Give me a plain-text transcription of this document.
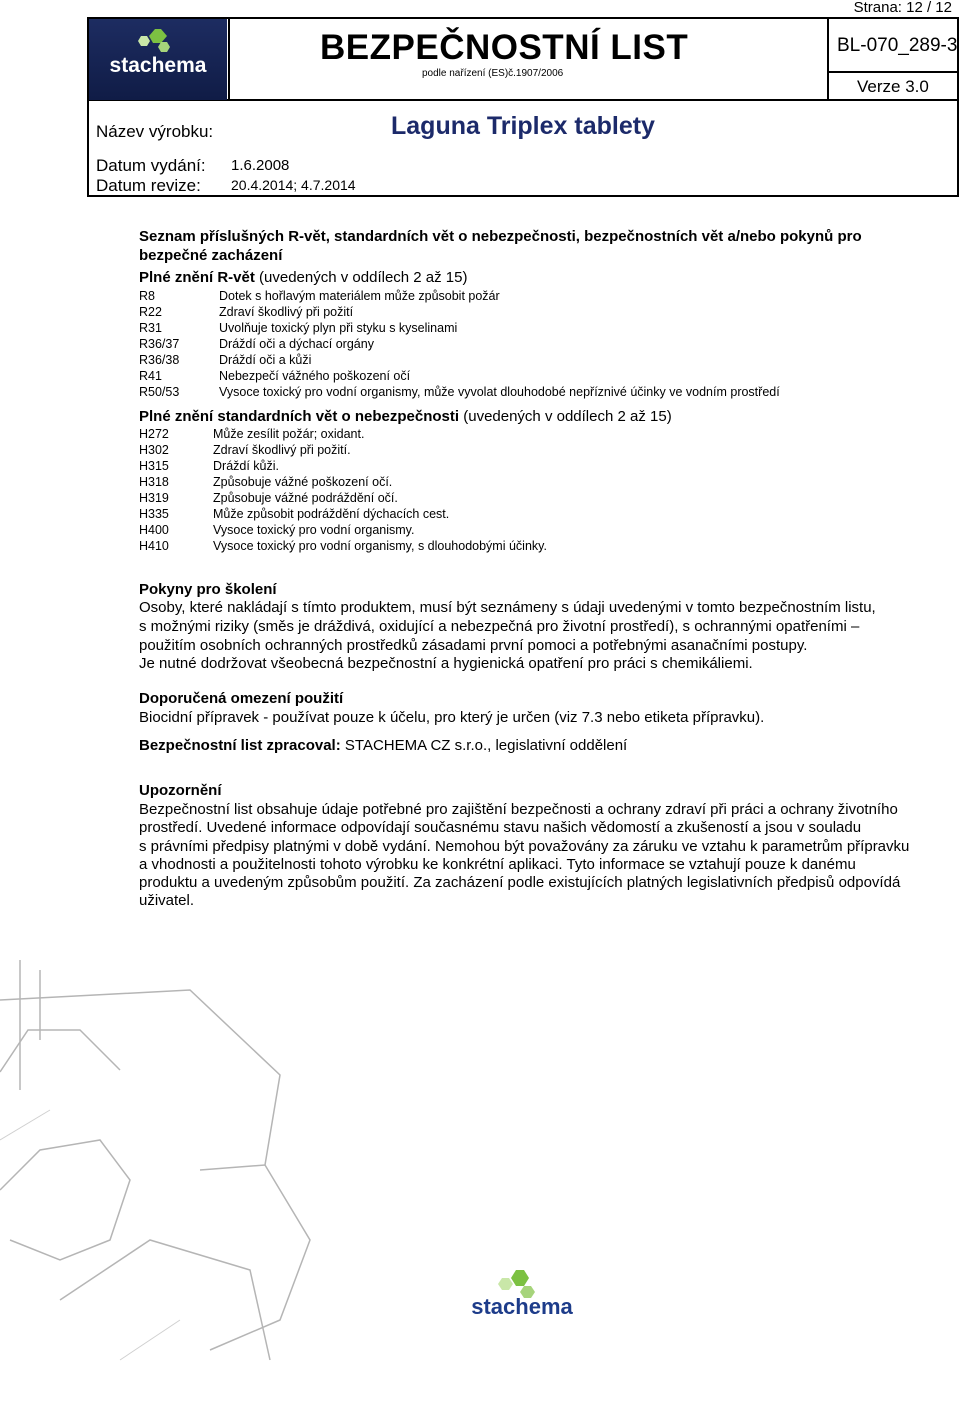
Strana: 12 / 12
stachema	BEZPEČNOSTNÍ LIST
podle nařízení (ES)č.1907/2006
BL-070_289-3
Verze 3.0
Název výrobku:	Laguna Triplex tablety
Datum vydání: 1.6.2008
Datum revize: 20.4.2014; 4.7.2014
Seznam příslušných R-vět, standardních vět o nebezpečnosti, bezpečnostních vět a/nebo pokynů pro
bezpečné zacházení
Plné znění R-vět (uvedených v oddílech 2 až 15)
R8	Dotek s hořlavým materiálem může způsobit požár
R22	Zdraví škodlivý při požití
R31	Uvolňuje toxický plyn při styku s kyselinami
R36/37	Dráždí oči a dýchací orgány
R36/38	Dráždí oči a kůži
R41	Nebezpečí vážného poškození očí
R50/53	Vysoce toxický pro vodní organismy, může vyvolat dlouhodobé nepříznivé účinky ve vodním prostředí
Plné znění standardních vět o nebezpečnosti (uvedených v oddílech 2 až 15)
H272	Může zesílit požár; oxidant.
H302	Zdraví škodlivý při požití.
H315	Dráždí kůži.
H318	Způsobuje vážné poškození očí.
H319	Způsobuje vážné podráždění očí.
H335	Může způsobit podráždění dýchacích cest.
H400	Vysoce toxický pro vodní organismy.
H410	Vysoce toxický pro vodní organismy, s dlouhodobými účinky.
Pokyny pro školení
Osoby, které nakládají s tímto produktem, musí být seznámeny s údaji uvedenými v tomto bezpečnostním listu,
s možnými riziky (směs je dráždivá, oxidující a nebezpečná pro životní prostředí), s ochrannými opatřeními –
použitím osobních ochranných prostředků zásadami první pomoci a potřebnými asanačními postupy.
Je nutné dodržovat všeobecná bezpečnostní a hygienická opatření pro práci s chemikáliemi.
Doporučená omezení použití
Biocidní přípravek - používat pouze k účelu, pro který je určen (viz 7.3 nebo etiketa přípravku).
Bezpečnostní list zpracoval: STACHEMA CZ s.r.o., legislativní oddělení
Upozornění
Bezpečnostní list obsahuje údaje potřebné pro zajištění bezpečnosti a ochrany zdraví při práci a ochrany životního
prostředí. Uvedené informace odpovídají současnému stavu našich vědomostí a zkušeností a jsou v souladu
s právními předpisy platnými v době vydání. Nemohou být považovány za záruku ve vztahu k parametrům přípravku
a vhodnosti a použitelnosti tohoto výrobku ke konkrétní aplikaci. Tyto informace se vztahují pouze k danému
produktu a uvedeným způsobům použití. Za zacházení podle existujících platných legislativních předpisů odpovídá
uživatel.
stachema
